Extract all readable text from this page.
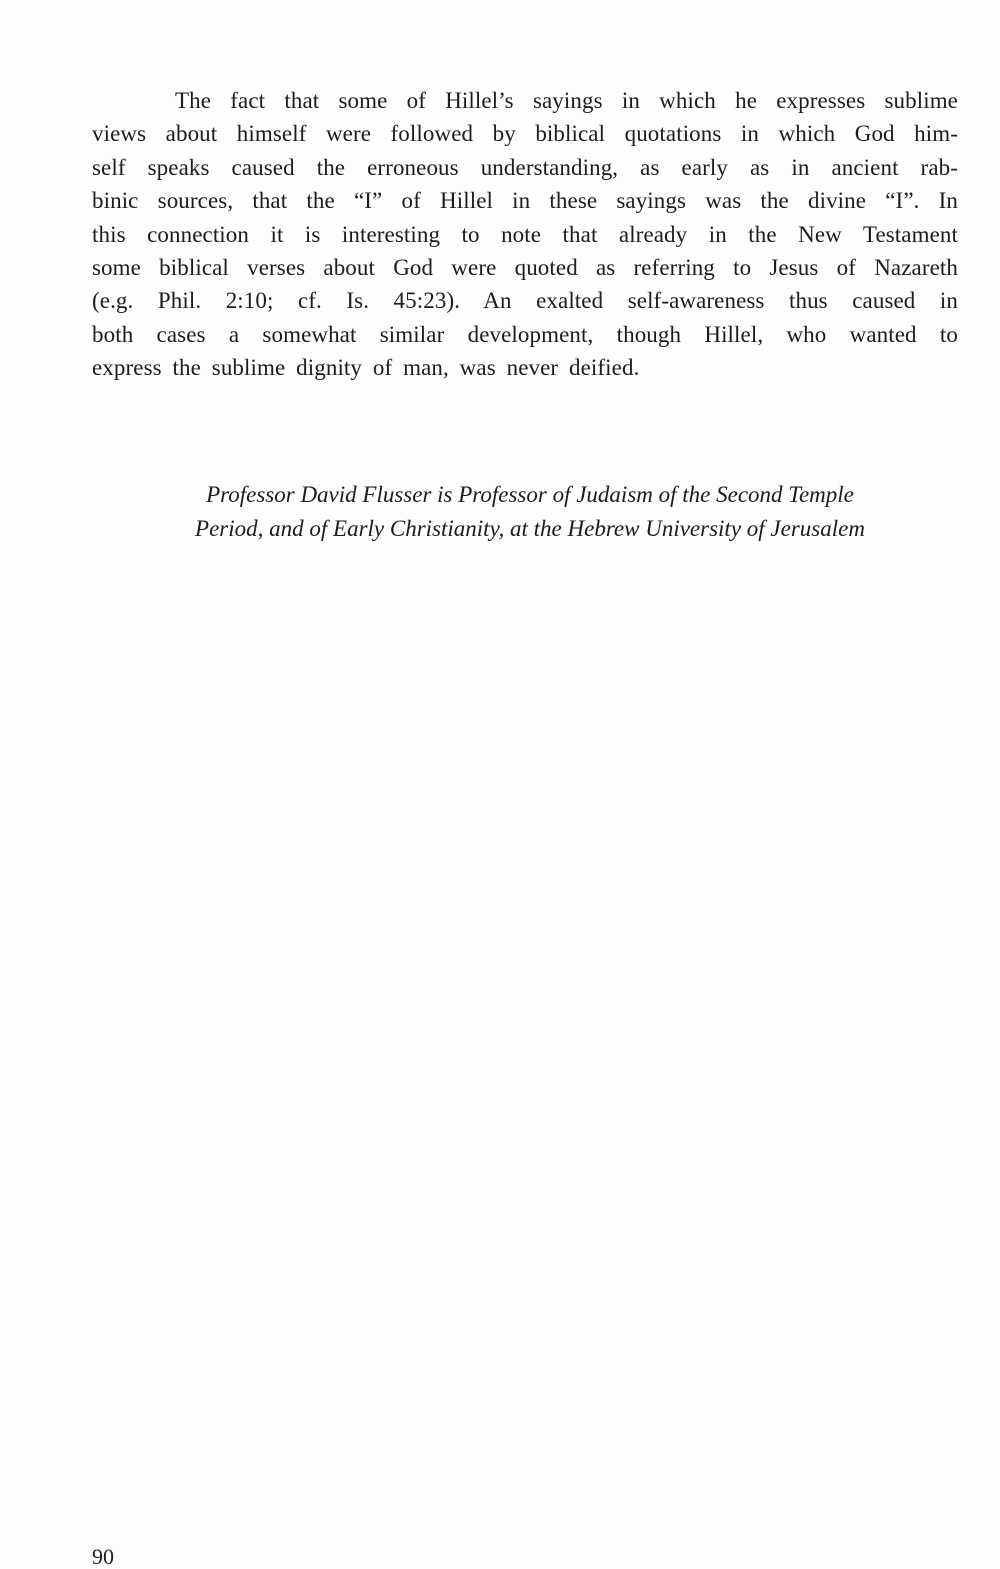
The fact that some of Hillel’s sayings in which he expresses sublime
views about himself were followed by biblical quotations in which God him-
self speaks caused the erroneous understanding, as early as in ancient rab-
binic sources, that the “I” of Hillel in these sayings was the divine “I”. In
this connection it is interesting to note that already in the New Testament
some biblical verses about God were quoted as referring to Jesus of Nazareth
(e.g. Phil. 2:10; cf. Is. 45:23). An exalted self-awareness thus caused in
both cases a somewhat similar development, though Hillel, who wanted to
express the sublime dignity of man, was never deified.
Professor David Flusser is Professor of Judaism of the Second Temple
Period, and of Early Christianity, at the Hebrew University of Jerusalem
90
